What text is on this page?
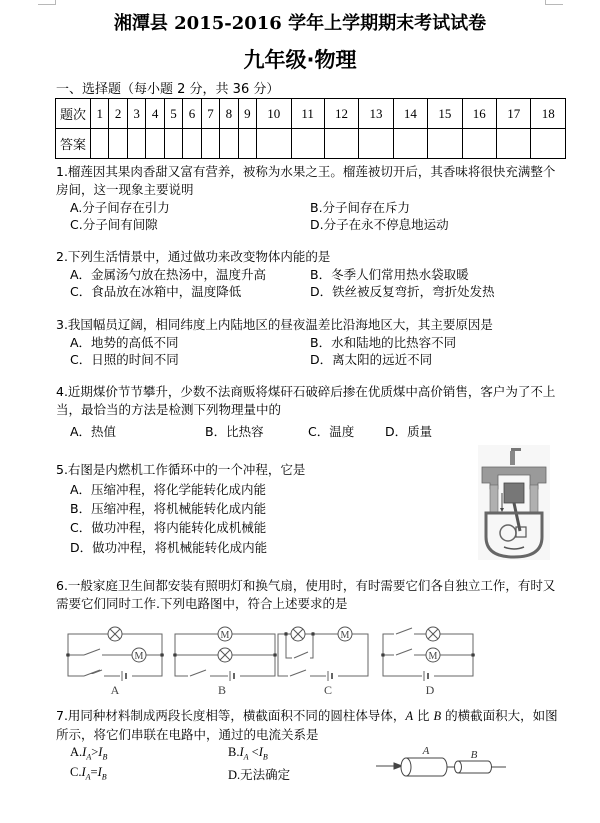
湘潭县 2015-2016 学年上学期期末考试试卷
九年级·物理
一、选择题（每小题 2 分，共 36 分）
题次	1	2	3	4	5	6	7	8	9	10	11	12	13	14	15	16	17	18
答案																		
1.榴莲因其果肉香甜又富有营养，被称为水果之王。榴莲被切开后，其香味将很快充满整个
房间，这一现象主要说明
A.分子间存在引力	B.分子间存在斥力
C.分子间有间隙	D.分子在永不停息地运动
2.下列生活情景中，通过做功来改变物体内能的是
A．金属汤勺放在热汤中，温度升高	B．冬季人们常用热水袋取暖
C．食品放在冰箱中，温度降低	D．铁丝被反复弯折，弯折处发热
3.我国幅员辽阔，相同纬度上内陆地区的昼夜温差比沿海地区大，其主要原因是
A．地势的高低不同	B．水和陆地的比热容不同
C．日照的时间不同	D．离太阳的远近不同
4.近期煤价节节攀升，少数不法商贩将煤矸石破碎后掺在优质煤中高价销售，客户为了不上
当，最恰当的方法是检测下列物理量中的
A．热值	B．比热容	C．温度 D．质量
5.右图是内燃机工作循环中的一个冲程，它是
A．压缩冲程，将化学能转化成内能
B．压缩冲程，将机械能转化成内能
C．做功冲程，将内能转化成机械能
D．做功冲程，将机械能转化成内能
6.一般家庭卫生间都安装有照明灯和换气扇，使用时，有时需要它们各自独立工作，有时又
需要它们同时工作.下列电路图中，符合上述要求的是
M
M	M
M
A	B	C	D
7.用同种材料制成两段长度相等，横截面积不同的圆柱体导体，A 比 B 的横截面积大，如图
所示，将它们串联在电路中，通过的电流关系是
$A.I_A>I_B$	$B.I_A <I_B$
$C.I_A=I_B$	D.无法确定
A	B
